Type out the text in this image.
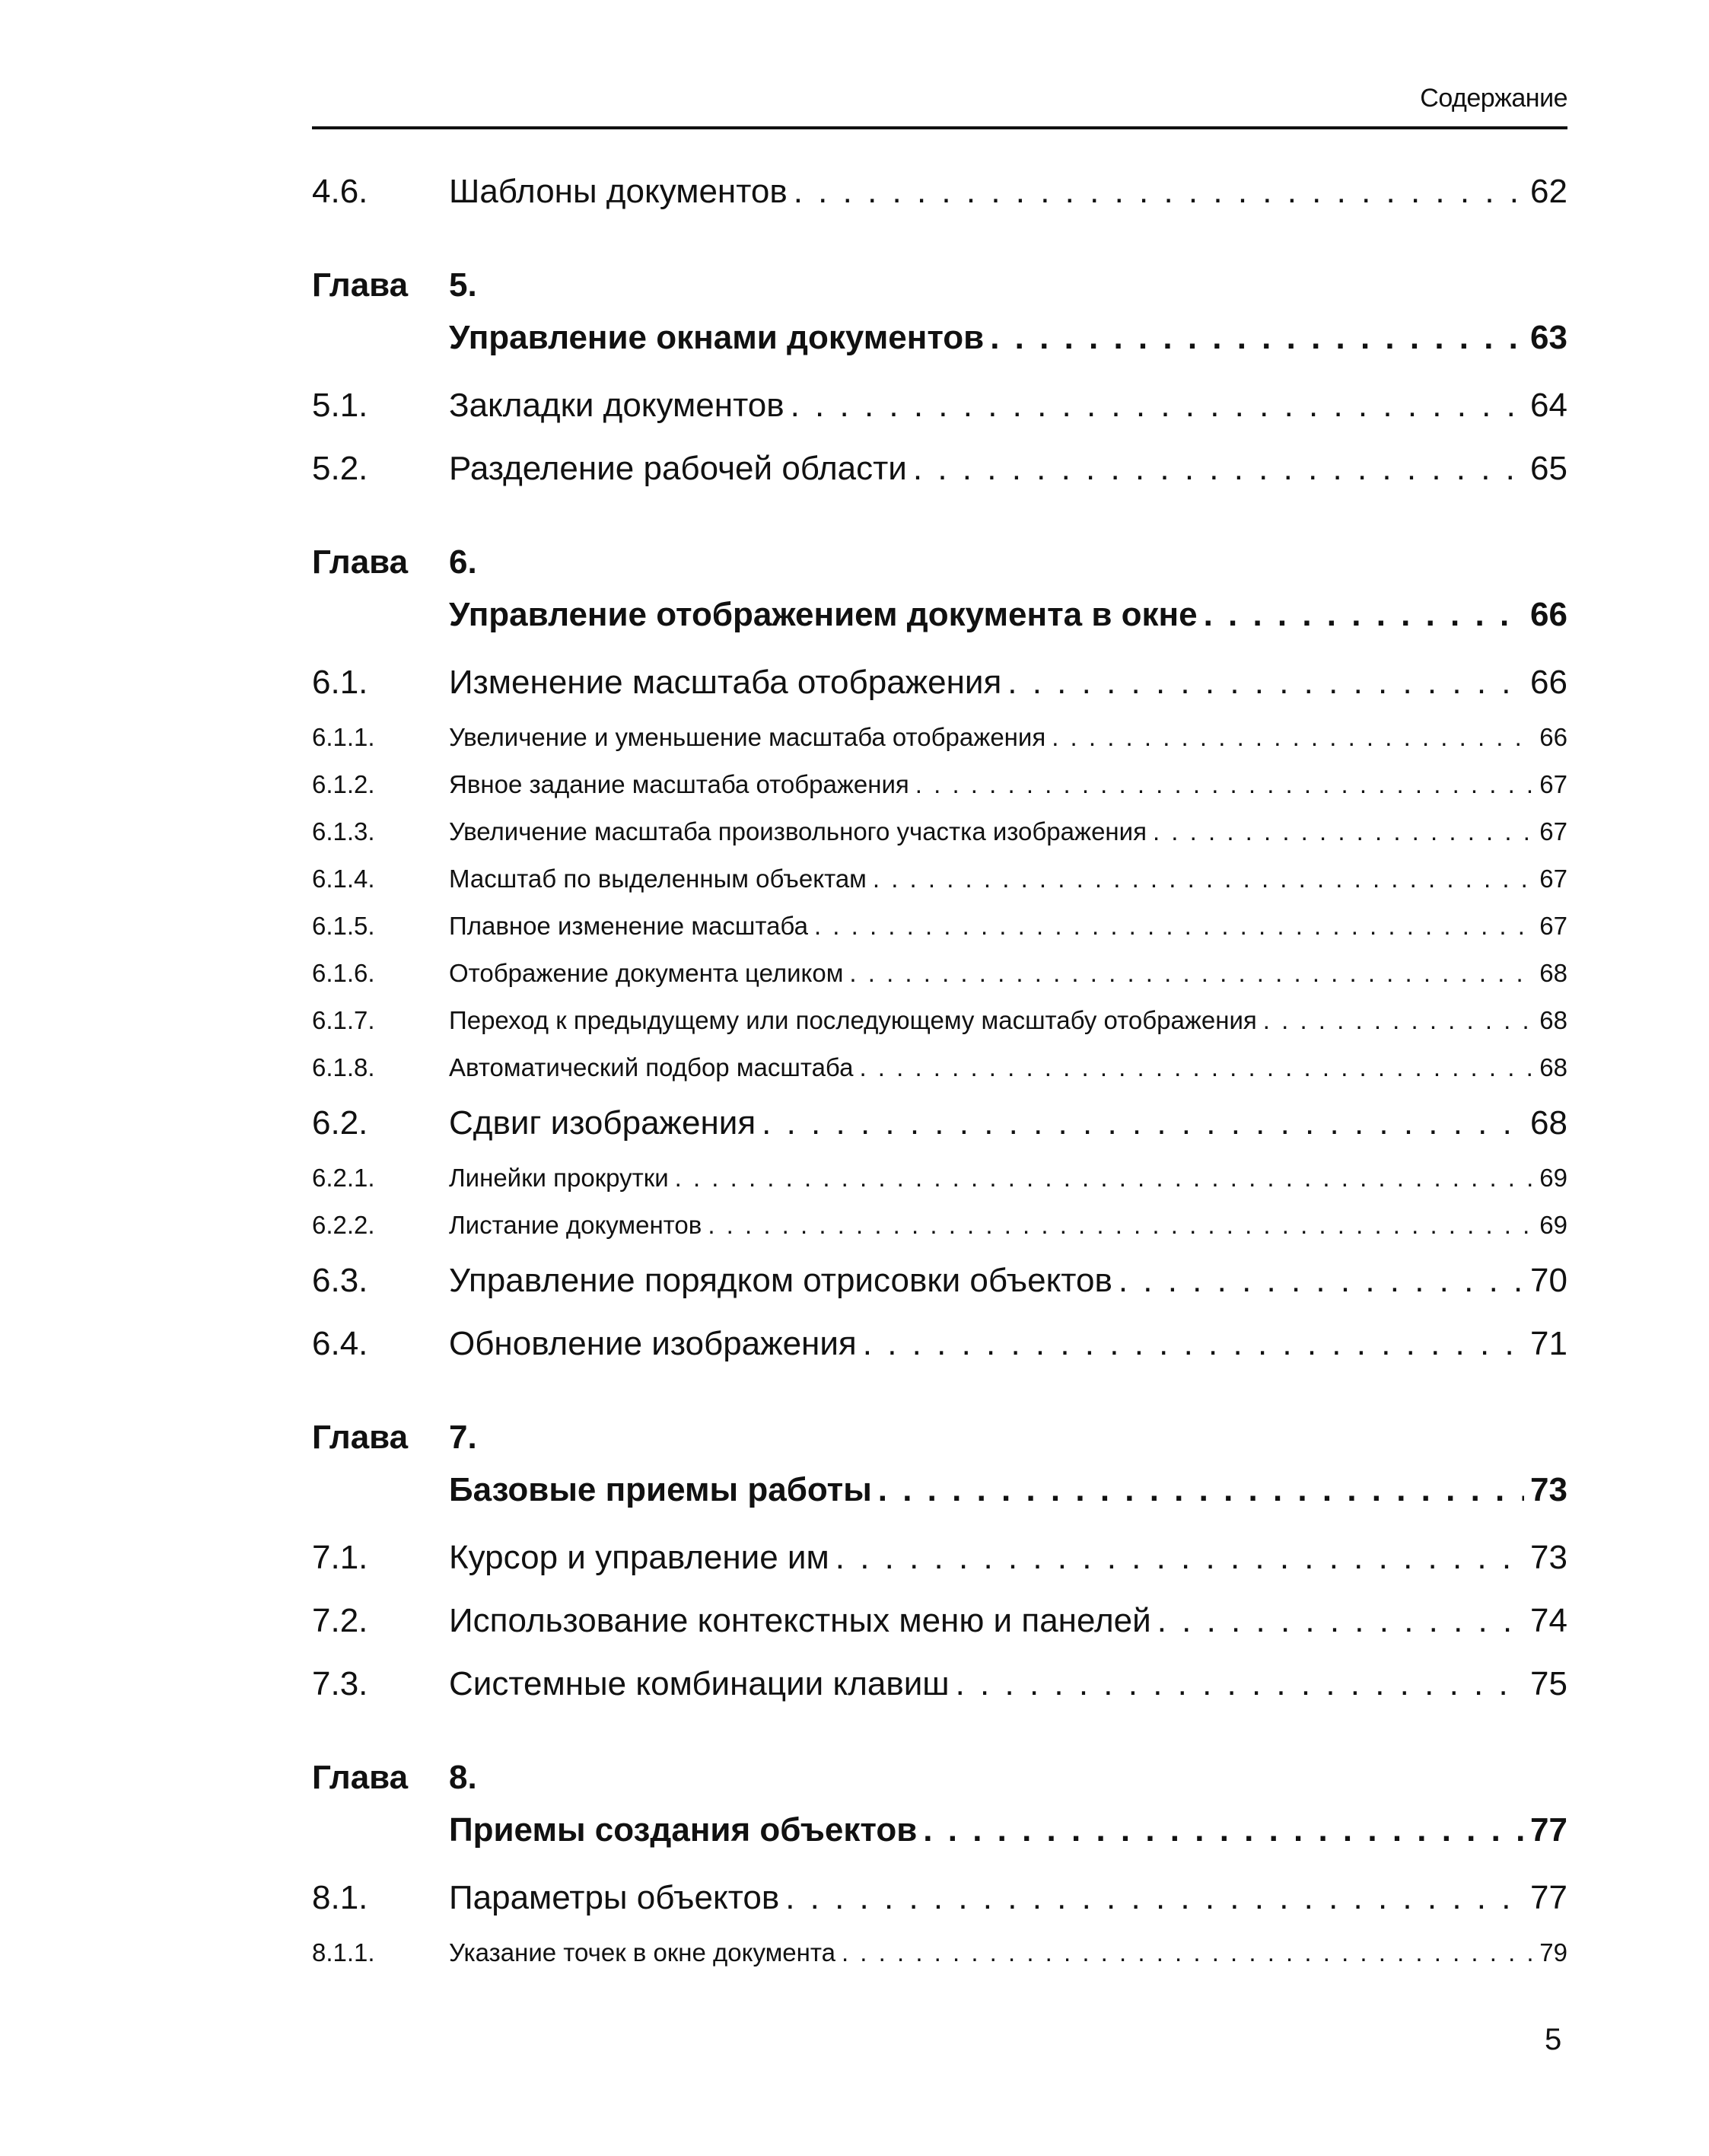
Содержание
4.6.	Шаблоны документов . . .	62
Глава	5.
Управление окнами документов . . .	63
5.1.	Закладки документов . . .	64
5.2.	Разделение рабочей области . . .	65
Глава	6.
Управление отображением документа в окне . . .	66
6.1.	Изменение масштаба отображения . . .	66
6.1.1.	Увеличение и уменьшение масштаба отображения . . .	66
6.1.2.	Явное задание масштаба отображения . . .	67
6.1.3.	Увеличение масштаба произвольного участка изображения . . .	67
6.1.4.	Масштаб по выделенным объектам . . .	67
6.1.5.	Плавное изменение масштаба . . .	67
6.1.6.	Отображение документа целиком . . .	68
6.1.7.	Переход к предыдущему или последующему масштабу отображения . . .	68
6.1.8.	Автоматический подбор масштаба . . .	68
6.2.	Сдвиг изображения . . .	68
6.2.1.	Линейки прокрутки . . .	69
6.2.2.	Листание документов . . .	69
6.3.	Управление порядком отрисовки объектов . . .	70
6.4.	Обновление изображения . . .	71
Глава	7.
Базовые приемы работы . . .	73
7.1.	Курсор и управление им . . .	73
7.2.	Использование контекстных меню и панелей . . .	74
7.3.	Системные комбинации клавиш . . .	75
Глава	8.
Приемы создания объектов . . .	77
8.1.	Параметры объектов . . .	77
8.1.1.	Указание точек в окне документа . . .	79
5
